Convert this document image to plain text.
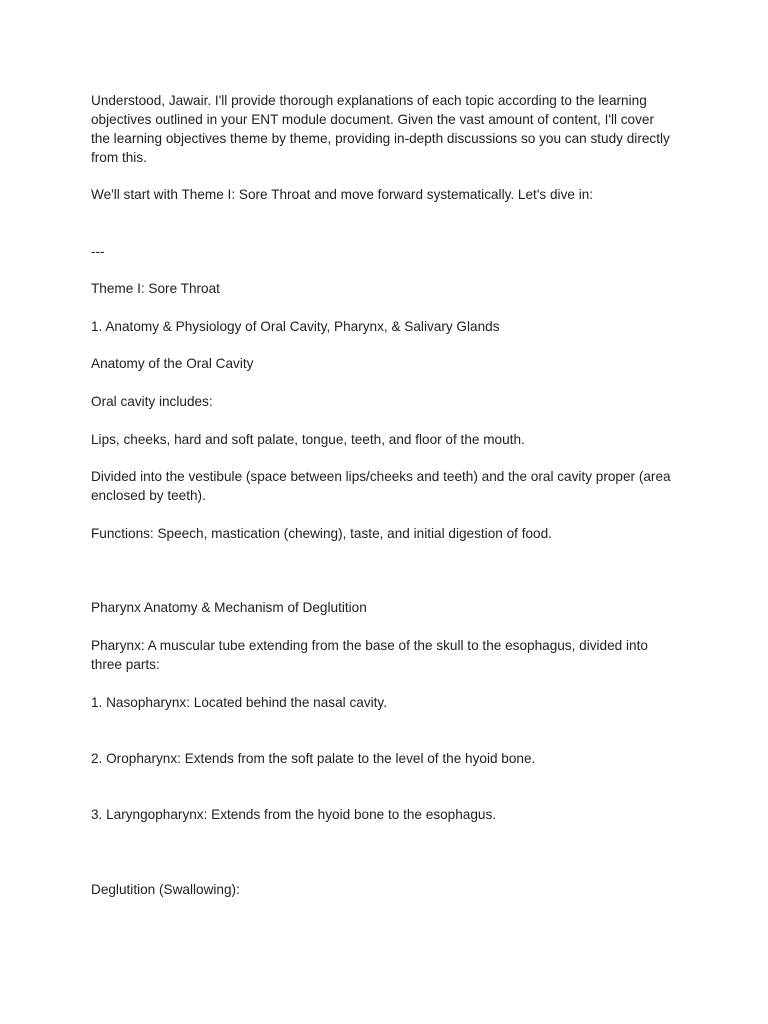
Understood, Jawair. I'll provide thorough explanations of each topic according to the learning objectives outlined in your ENT module document. Given the vast amount of content, I'll cover the learning objectives theme by theme, providing in-depth discussions so you can study directly from this.

We'll start with Theme I: Sore Throat and move forward systematically. Let's dive in:

---

Theme I: Sore Throat

1. Anatomy & Physiology of Oral Cavity, Pharynx, & Salivary Glands

Anatomy of the Oral Cavity

Oral cavity includes:

Lips, cheeks, hard and soft palate, tongue, teeth, and floor of the mouth.

Divided into the vestibule (space between lips/cheeks and teeth) and the oral cavity proper (area enclosed by teeth).

Functions: Speech, mastication (chewing), taste, and initial digestion of food.

Pharynx Anatomy & Mechanism of Deglutition

Pharynx: A muscular tube extending from the base of the skull to the esophagus, divided into three parts:

1. Nasopharynx: Located behind the nasal cavity.

2. Oropharynx: Extends from the soft palate to the level of the hyoid bone.

3. Laryngopharynx: Extends from the hyoid bone to the esophagus.

Deglutition (Swallowing):
